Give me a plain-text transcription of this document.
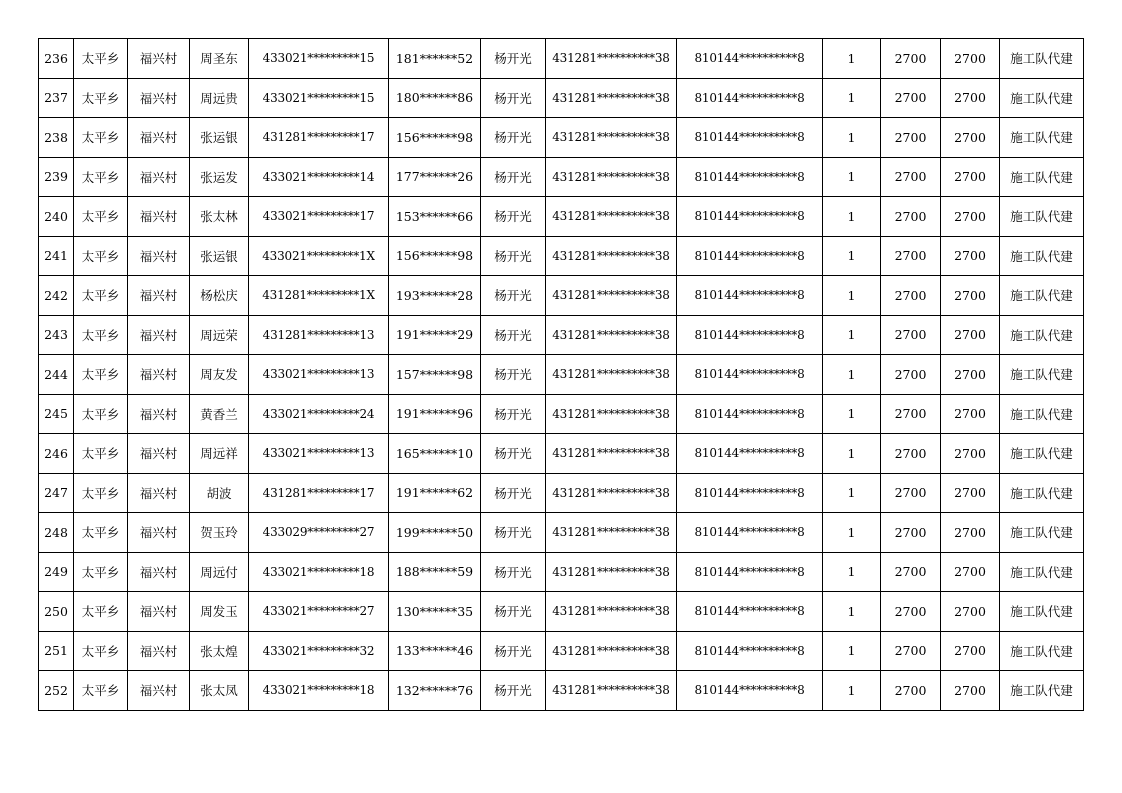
236	太平乡	福兴村	周圣东	433021*********15	181******52	杨开光	431281**********38	810144**********8	1	2700	2700	施工队代建
237	太平乡	福兴村	周远贵	433021*********15	180******86	杨开光	431281**********38	810144**********8	1	2700	2700	施工队代建
238	太平乡	福兴村	张运银	431281*********17	156******98	杨开光	431281**********38	810144**********8	1	2700	2700	施工队代建
239	太平乡	福兴村	张运发	433021*********14	177******26	杨开光	431281**********38	810144**********8	1	2700	2700	施工队代建
240	太平乡	福兴村	张太林	433021*********17	153******66	杨开光	431281**********38	810144**********8	1	2700	2700	施工队代建
241	太平乡	福兴村	张运银	433021*********1X	156******98	杨开光	431281**********38	810144**********8	1	2700	2700	施工队代建
242	太平乡	福兴村	杨松庆	431281*********1X	193******28	杨开光	431281**********38	810144**********8	1	2700	2700	施工队代建
243	太平乡	福兴村	周远荣	431281*********13	191******29	杨开光	431281**********38	810144**********8	1	2700	2700	施工队代建
244	太平乡	福兴村	周友发	433021*********13	157******98	杨开光	431281**********38	810144**********8	1	2700	2700	施工队代建
245	太平乡	福兴村	黄香兰	433021*********24	191******96	杨开光	431281**********38	810144**********8	1	2700	2700	施工队代建
246	太平乡	福兴村	周远祥	433021*********13	165******10	杨开光	431281**********38	810144**********8	1	2700	2700	施工队代建
247	太平乡	福兴村	胡波	431281*********17	191******62	杨开光	431281**********38	810144**********8	1	2700	2700	施工队代建
248	太平乡	福兴村	贺玉玲	433029*********27	199******50	杨开光	431281**********38	810144**********8	1	2700	2700	施工队代建
249	太平乡	福兴村	周远付	433021*********18	188******59	杨开光	431281**********38	810144**********8	1	2700	2700	施工队代建
250	太平乡	福兴村	周发玉	433021*********27	130******35	杨开光	431281**********38	810144**********8	1	2700	2700	施工队代建
251	太平乡	福兴村	张太煌	433021*********32	133******46	杨开光	431281**********38	810144**********8	1	2700	2700	施工队代建
252	太平乡	福兴村	张太凤	433021*********18	132******76	杨开光	431281**********38	810144**********8	1	2700	2700	施工队代建
